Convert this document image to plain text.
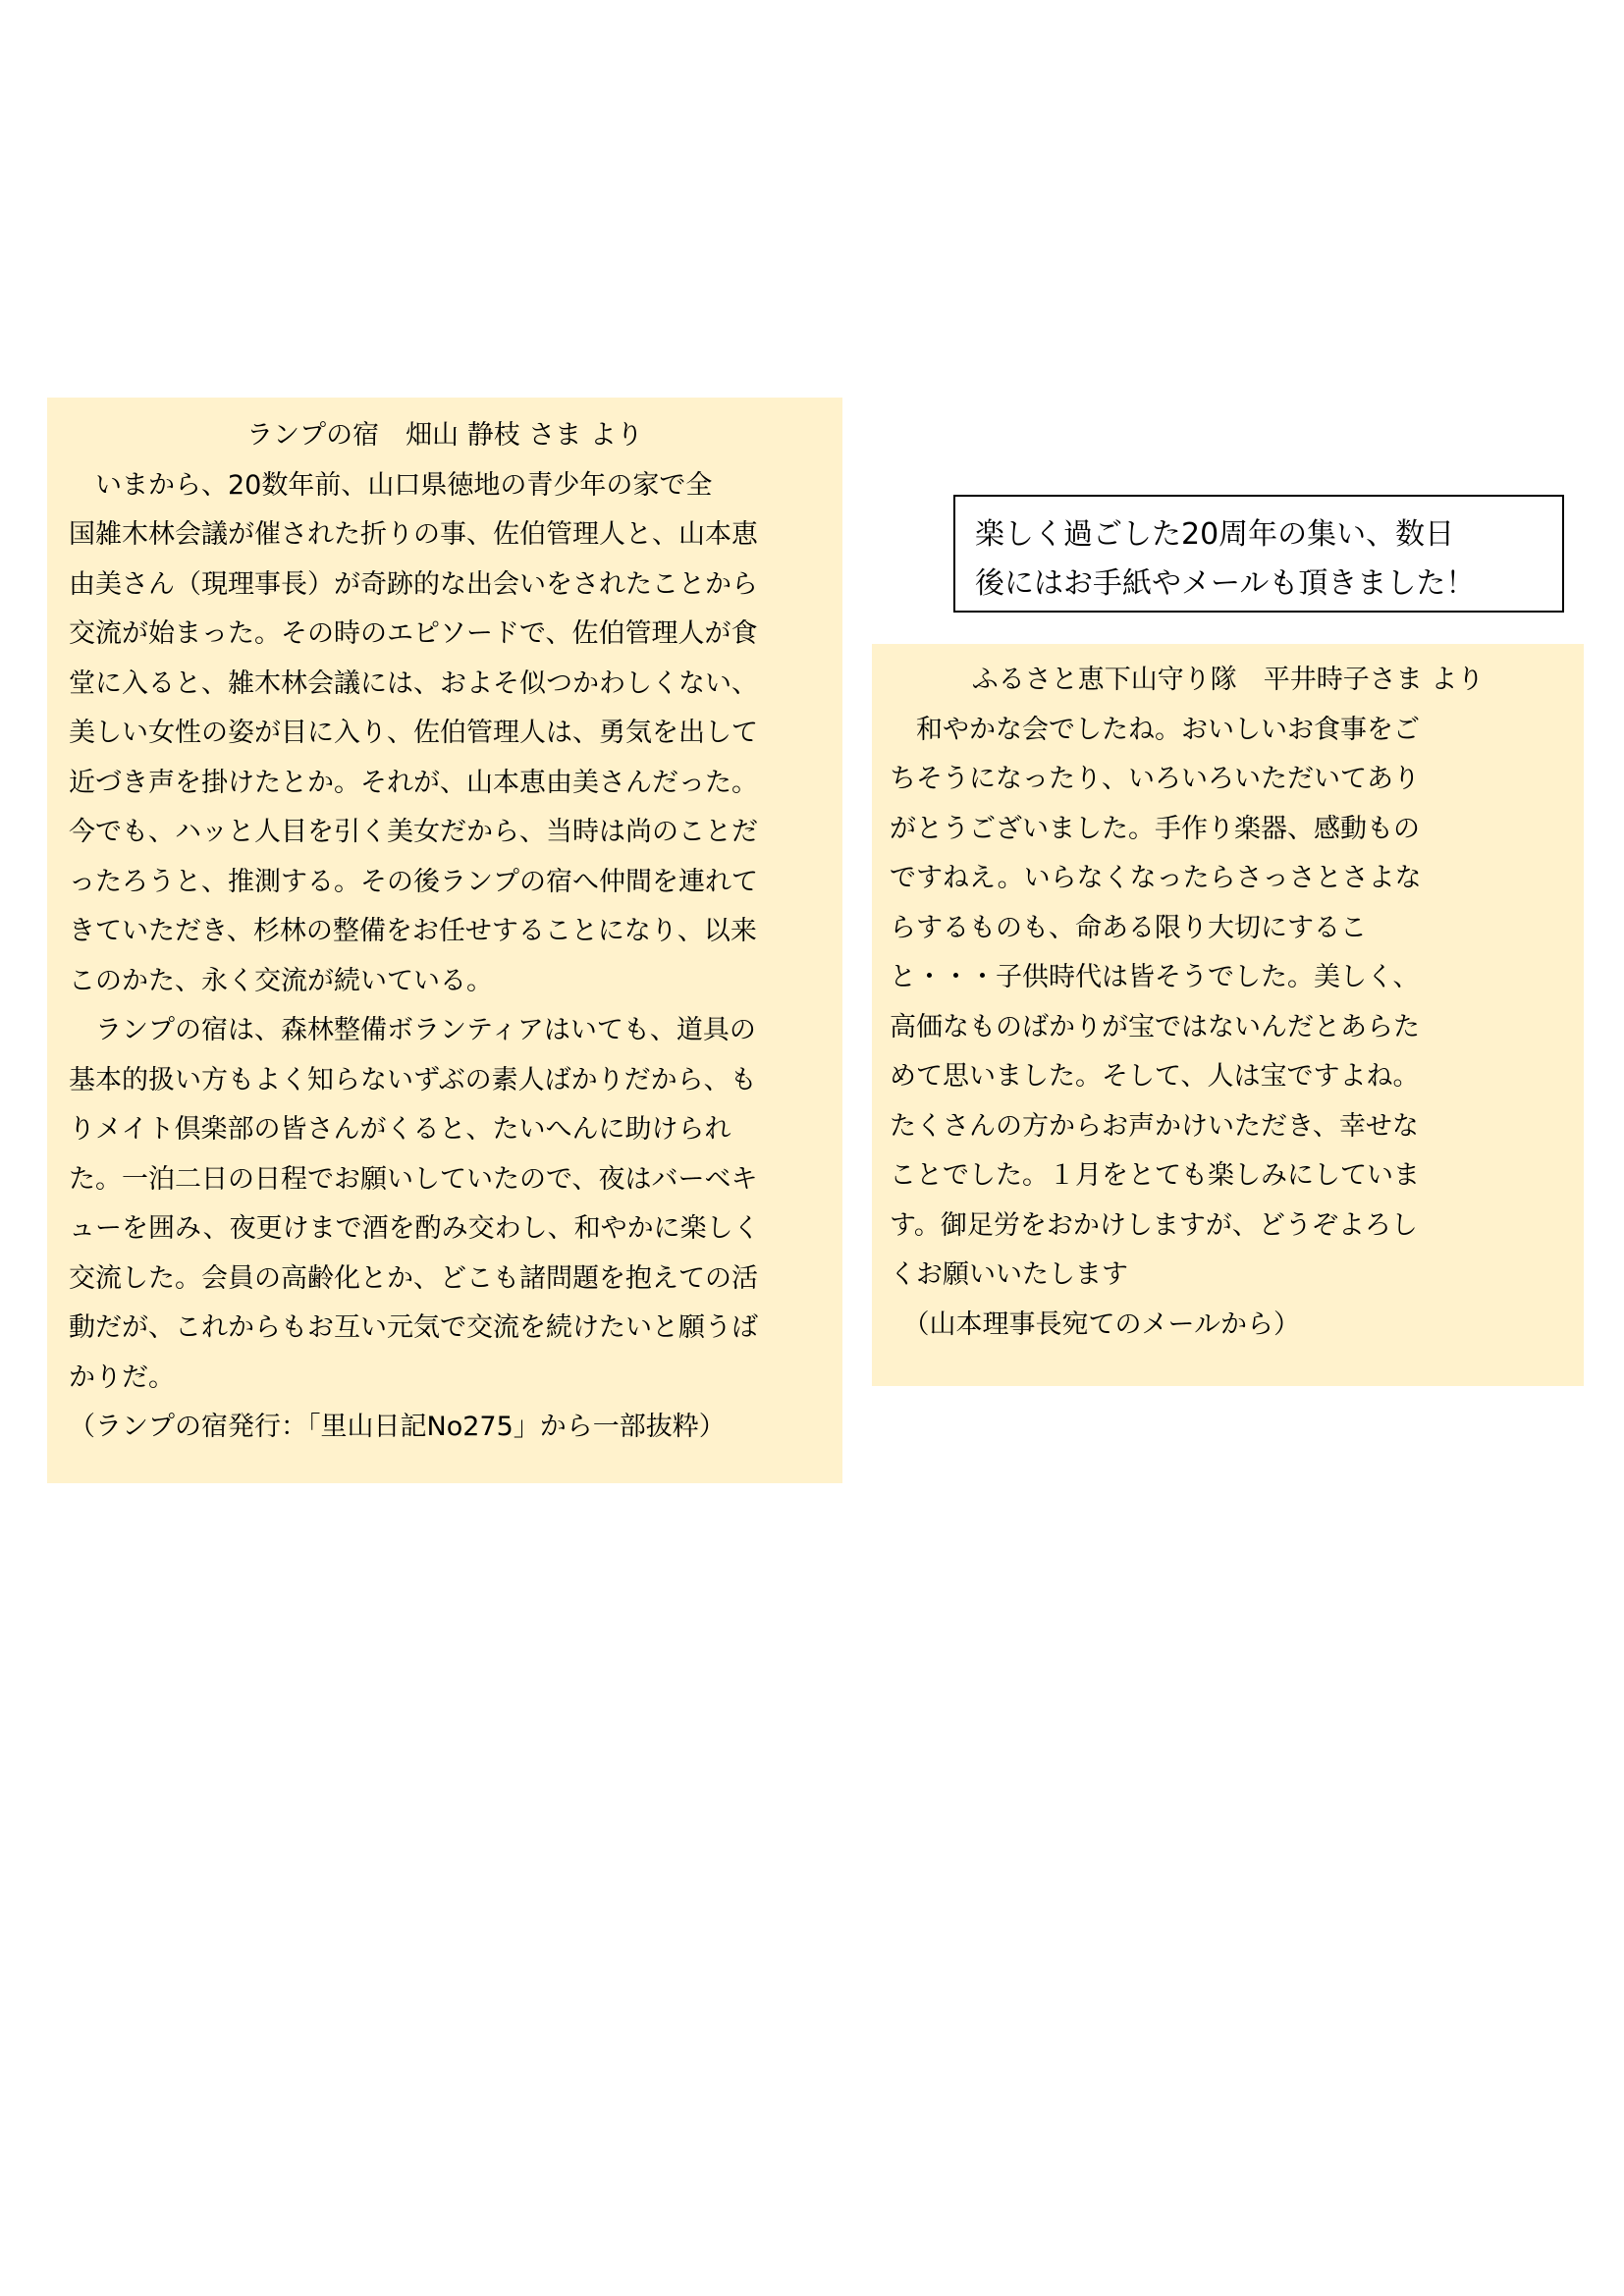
ランプの宿　畑山 静枝 さま より
　いまから、20数年前、山口県徳地の青少年の家で全
国雑木林会議が催された折りの事、佐伯管理人と、山本恵
由美さん（現理事長）が奇跡的な出会いをされたことから
交流が始まった。その時のエピソードで、佐伯管理人が食
堂に入ると、雑木林会議には、およそ似つかわしくない、
美しい女性の姿が目に入り、佐伯管理人は、勇気を出して
近づき声を掛けたとか。それが、山本恵由美さんだった。
今でも、ハッと人目を引く美女だから、当時は尚のことだ
ったろうと、推測する。その後ランプの宿へ仲間を連れて
きていただき、杉林の整備をお任せすることになり、以来
このかた、永く交流が続いている。
　ランプの宿は、森林整備ボランティアはいても、道具の
基本的扱い方もよく知らないずぶの素人ばかりだから、も
りメイト倶楽部の皆さんがくると、たいへんに助けられ
た。一泊二日の日程でお願いしていたので、夜はバーベキ
ューを囲み、夜更けまで酒を酌み交わし、和やかに楽しく
交流した。会員の高齢化とか、どこも諸問題を抱えての活
動だが、これからもお互い元気で交流を続けたいと願うば
かりだ。
（ランプの宿発行：「里山日記No275」から一部抜粋）
楽しく過ごした20周年の集い、数日
後にはお手紙やメールも頂きました！
ふるさと恵下山守り隊　平井時子さま より
　和やかな会でしたね。おいしいお食事をご
ちそうになったり、いろいろいただいてあり
がとうございました。手作り楽器、感動もの
ですねえ。いらなくなったらさっさとさよな
らするものも、命ある限り大切にするこ
と・・・子供時代は皆そうでした。美しく、
高価なものばかりが宝ではないんだとあらた
めて思いました。そして、人は宝ですよね。
たくさんの方からお声かけいただき、幸せな
ことでした。１月をとても楽しみにしていま
す。御足労をおかけしますが、どうぞよろし
くお願いいたします
　（山本理事長宛てのメールから）
